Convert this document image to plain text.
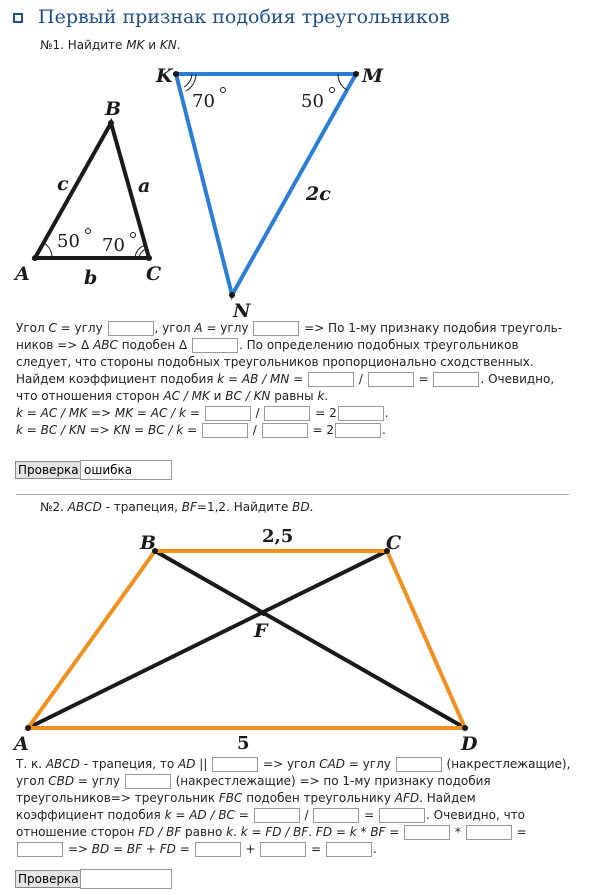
Первый признак подобия треугольников
№1. Найдите MK и KN.
B
A	C
c	a
b
50 70
K	M
N
2c
70	50
Угол C = углу	, угол A = углу	=> По 1-му признаку подобия треуголь-
ников => Δ ABC подобен Δ	. По определению подобных треугольников
следует, что стороны подобных треугольников пропорционально сходственных.
Найдем коэффициент подобия k = AB / MN =	/	=	. Очевидно,
что отношения сторон AC / MK и BC / KN равны k.
k = AC / MK => MK = AC / k =	/	= 2	.
k = BC / KN => KN = BC / k =	/	= 2	.
Проверка ошибка
№2. ABCD - трапеция, BF=1,2. Найдите BD.
B	C
A	D
F
2,5
5
Т. к. ABCD - трапеция, то AD ||	=> угол CAD = углу	(накрестлежащие),
угол CBD = углу	(накрестлежащие) => по 1-му признаку подобия
треугольников=> треугольник FBC подобен треугольнику AFD. Найдем
коэффициент подобия k = AD / BC =	/	=	. Очевидно, что
отношение сторон FD / BF равно k. k = FD / BF. FD = k * BF =	*	=
=> BD = BF + FD =	+	=	.
Проверка
